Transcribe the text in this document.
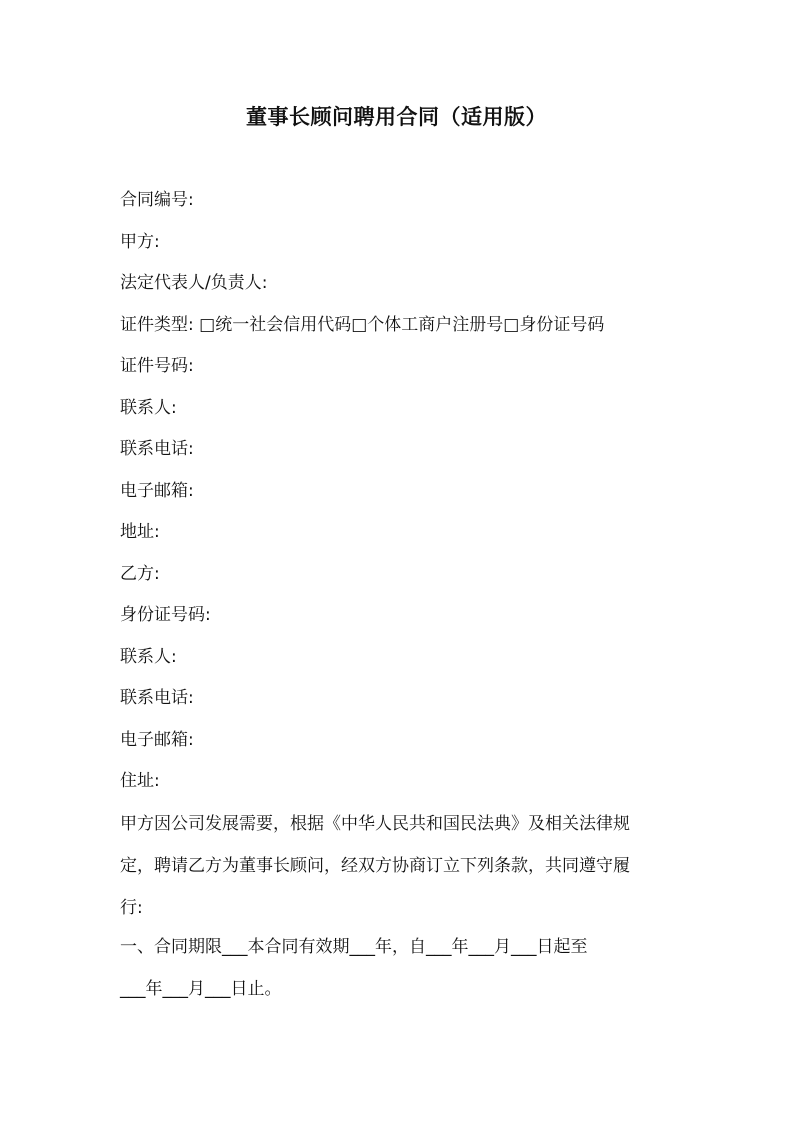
董事长顾问聘用合同（适用版）
合同编号:
甲方:
法定代表人/负责人:
证件类型: □统一社会信用代码□个体工商户注册号□身份证号码
证件号码:
联系人:
联系电话:
电子邮箱:
地址:
乙方:
身份证号码:
联系人:
联系电话:
电子邮箱:
住址:
甲方因公司发展需要，根据《中华人民共和国民法典》及相关法律规
定，聘请乙方为董事长顾问，经双方协商订立下列条款，共同遵守履
行:
一、合同期限___本合同有效期___年，自___年___月___日起至
___年___月___日止。
